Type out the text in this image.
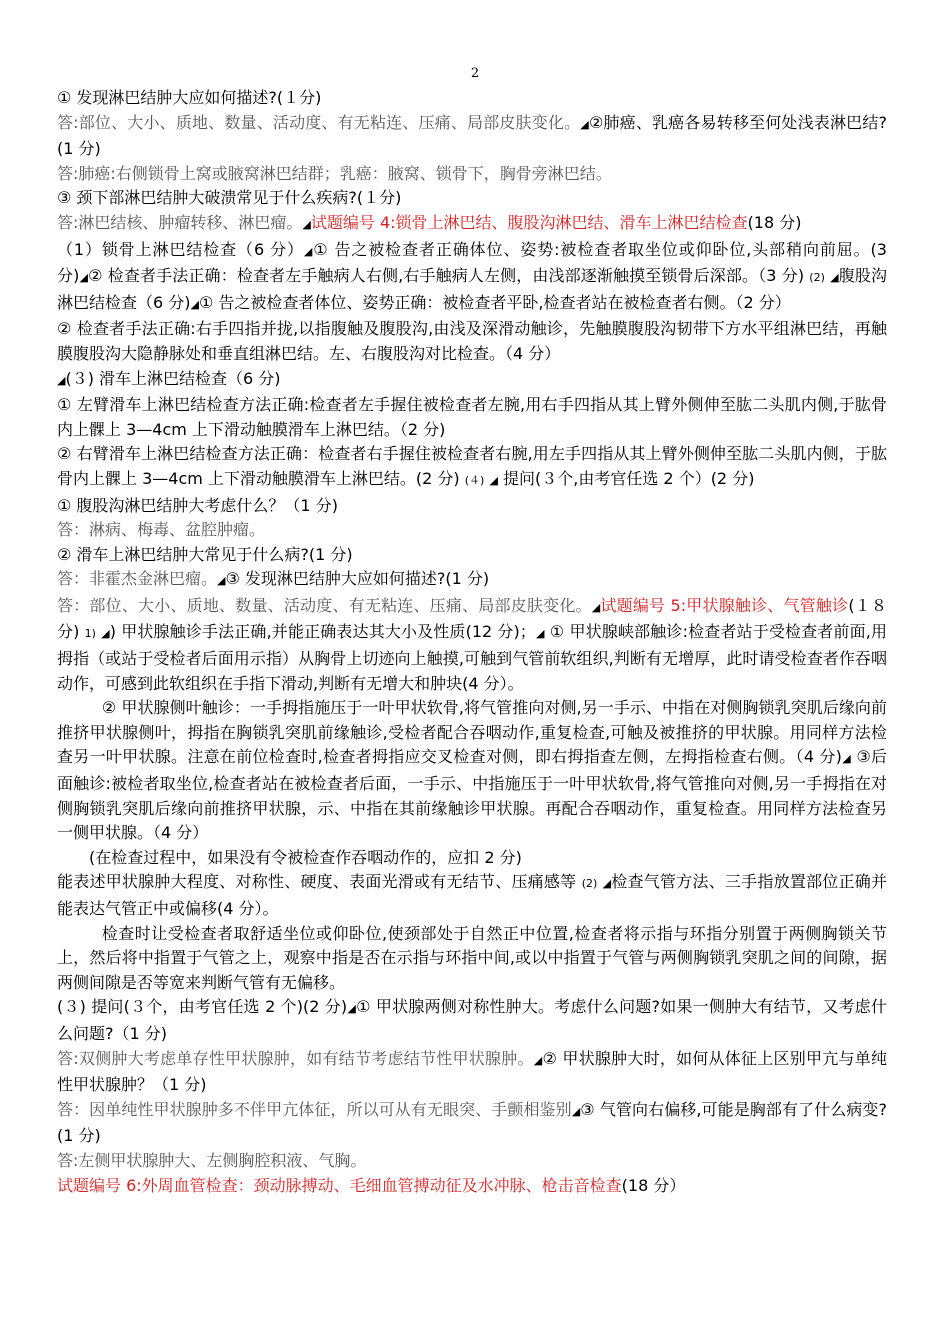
2

① 发现淋巴结肿大应如何描述?(１分)

答:部位、大小、质地、数量、活动度、有无粘连、压痛、局部皮肤变化。◢②肺癌、乳癌各易转移至何处浅表淋巴结? (1 分)

答:肺癌:右侧锁骨上窝或腋窝淋巴结群；乳癌：腋窝、锁骨下，胸骨旁淋巴结。

③ 颈下部淋巴结肿大破溃常见于什么疾病?(１分)

答:淋巴结核、肿瘤转移、淋巴瘤。◢试题编号 4:锁骨上淋巴结、腹股沟淋巴结、滑车上淋巴结检查(18 分)

（1）锁骨上淋巴结检查（6 分）◢① 告之被检查者正确体位、姿势:被检查者取坐位或仰卧位,头部稍向前屈。(3 分)◢② 检查者手法正确：检查者左手触病人右侧,右手触病人左侧，由浅部逐渐触摸至锁骨后深部。（3 分) (2) ◢腹股沟淋巴结检查（6 分)◢① 告之被检查者体位、姿势正确：被检查者平卧,检查者站在被检查者右侧。（2 分）

② 检查者手法正确:右手四指并拢,以指腹触及腹股沟,由浅及深滑动触诊，先触膜腹股沟韧带下方水平组淋巴结，再触膜腹股沟大隐静脉处和垂直组淋巴结。左、右腹股沟对比检查。（4 分）

◢(３) 滑车上淋巴结检查（6 分)

① 左臂滑车上淋巴结检查方法正确:检查者左手握住被检查者左腕,用右手四指从其上臂外侧伸至肱二头肌内侧,于肱骨内上髁上 3—4cm 上下滑动触膜滑车上淋巴结。（2 分)

② 右臂滑车上淋巴结检查方法正确：检查者右手握住被检查者右腕,用左手四指从其上臂外侧伸至肱二头肌内侧，于肱骨内上髁上 3—4cm 上下滑动触膜滑车上淋巴结。(2 分) (４) ◢ 提问(３个,由考官任选 2 个）(2 分)

① 腹股沟淋巴结肿大考虑什么？（1 分)

答：淋病、梅毒、盆腔肿瘤。

② 滑车上淋巴结肿大常见于什么病?(1 分)

答：非霍杰金淋巴瘤。◢③ 发现淋巴结肿大应如何描述?(1 分)

答：部位、大小、质地、数量、活动度、有无粘连、压痛、局部皮肤变化。◢试题编号 5:甲状腺触诊、气管触诊(１８分) 1) ◢) 甲状腺触诊手法正确,并能正确表达其大小及性质(12 分)；◢ ① 甲状腺峡部触诊:检查者站于受检查者前面,用拇指（或站于受检者后面用示指）从胸骨上切迹向上触摸,可触到气管前软组织,判断有无增厚，此时请受检查者作吞咽动作，可感到此软组织在手指下滑动,判断有无增大和肿块(4 分）。

② 甲状腺侧叶触诊：一手拇指施压于一叶甲状软骨,将气管推向对侧,另一手示、中指在对侧胸锁乳突肌后缘向前推挤甲状腺侧叶，拇指在胸锁乳突肌前缘触诊,受检者配合吞咽动作,重复检查,可触及被推挤的甲状腺。用同样方法检查另一叶甲状腺。注意在前位检查时,检查者拇指应交叉检查对侧，即右拇指查左侧，左拇指检查右侧。（4 分)◢ ③后面触诊:被检者取坐位,检查者站在被检查者后面，一手示、中指施压于一叶甲状软骨,将气管推向对侧,另一手拇指在对侧胸锁乳突肌后缘向前推挤甲状腺，示、中指在其前缘触诊甲状腺。再配合吞咽动作，重复检查。用同样方法检查另一侧甲状腺。（4 分）

(在检查过程中，如果没有令被检查作吞咽动作的，应扣 2 分)

能表述甲状腺肿大程度、对称性、硬度、表面光滑或有无结节、压痛感等 (2) ◢检查气管方法、三手指放置部位正确并能表达气管正中或偏移(4 分）。

检查时让受检查者取舒适坐位或仰卧位,使颈部处于自然正中位置,检查者将示指与环指分别置于两侧胸锁关节上，然后将中指置于气管之上，观察中指是否在示指与环指中间,或以中指置于气管与两侧胸锁乳突肌之间的间隙，据两侧间隙是否等宽来判断气管有无偏移。

(３) 提问(３个，由考官任选 2 个)(2 分)◢① 甲状腺两侧对称性肿大。考虑什么问题?如果一侧肿大有结节，又考虑什么问题?（1 分)

答:双侧肿大考虑单存性甲状腺肿，如有结节考虑结节性甲状腺肿。◢② 甲状腺肿大时，如何从体征上区别甲亢与单纯性甲状腺肿？（1 分)

答：因单纯性甲状腺肿多不伴甲亢体征，所以可从有无眼突、手颤相鉴别◢③ 气管向右偏移,可能是胸部有了什么病变?(1 分)

答:左侧甲状腺肿大、左侧胸腔积液、气胸。

试题编号 6:外周血管检查：颈动脉搏动、毛细血管搏动征及水冲脉、枪击音检查(18 分）
